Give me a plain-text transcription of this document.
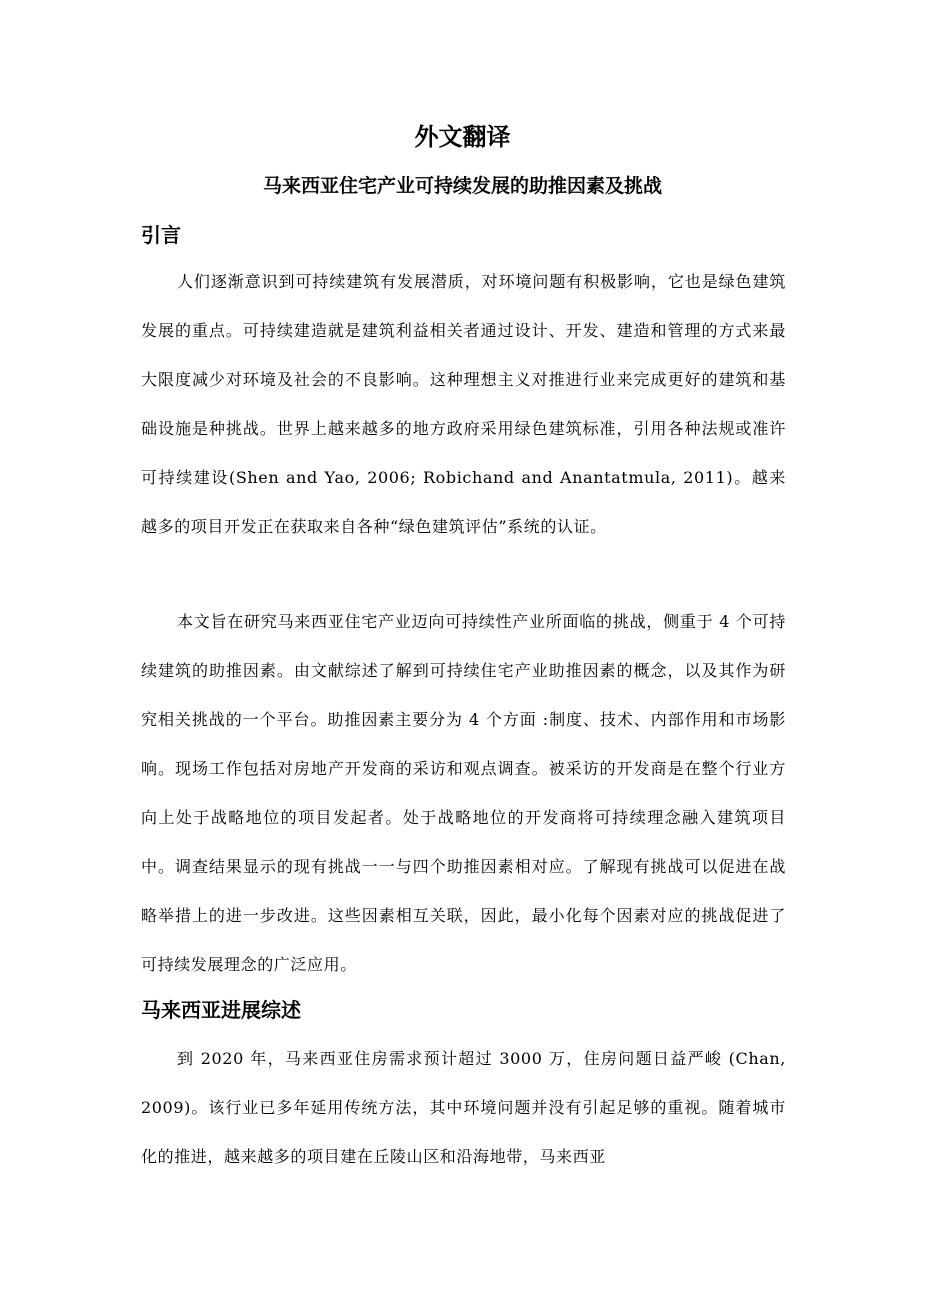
外文翻译
马来西亚住宅产业可持续发展的助推因素及挑战
引言

人们逐渐意识到可持续建筑有发展潜质，对环境问题有积极影响，它也是绿色建筑发展的重点。可持续建造就是建筑利益相关者通过设计、开发、建造和管理的方式来最大限度减少对环境及社会的不良影响。这种理想主义对推进行业来完成更好的建筑和基础设施是种挑战。世界上越来越多的地方政府采用绿色建筑标准，引用各种法规或准许可持续建设(Shen and Yao, 2006; Robichand and Anantatmula, 2011)。越来越多的项目开发正在获取来自各种“绿色建筑评估”系统的认证。

本文旨在研究马来西亚住宅产业迈向可持续性产业所面临的挑战，侧重于 4 个可持续建筑的助推因素。由文献综述了解到可持续住宅产业助推因素的概念，以及其作为研究相关挑战的一个平台。助推因素主要分为 4 个方面 :制度、技术、内部作用和市场影响。现场工作包括对房地产开发商的采访和观点调查。被采访的开发商是在整个行业方向上处于战略地位的项目发起者。处于战略地位的开发商将可持续理念融入建筑项目中。调查结果显示的现有挑战一一与四个助推因素相对应。了解现有挑战可以促进在战略举措上的进一步改进。这些因素相互关联，因此，最小化每个因素对应的挑战促进了可持续发展理念的广泛应用。

马来西亚进展综述

到 2020 年，马来西亚住房需求预计超过 3000 万，住房问题日益严峻 (Chan, 2009)。该行业已多年延用传统方法，其中环境问题并没有引起足够的重视。随着城市化的推进，越来越多的项目建在丘陵山区和沿海地带，马来西亚
